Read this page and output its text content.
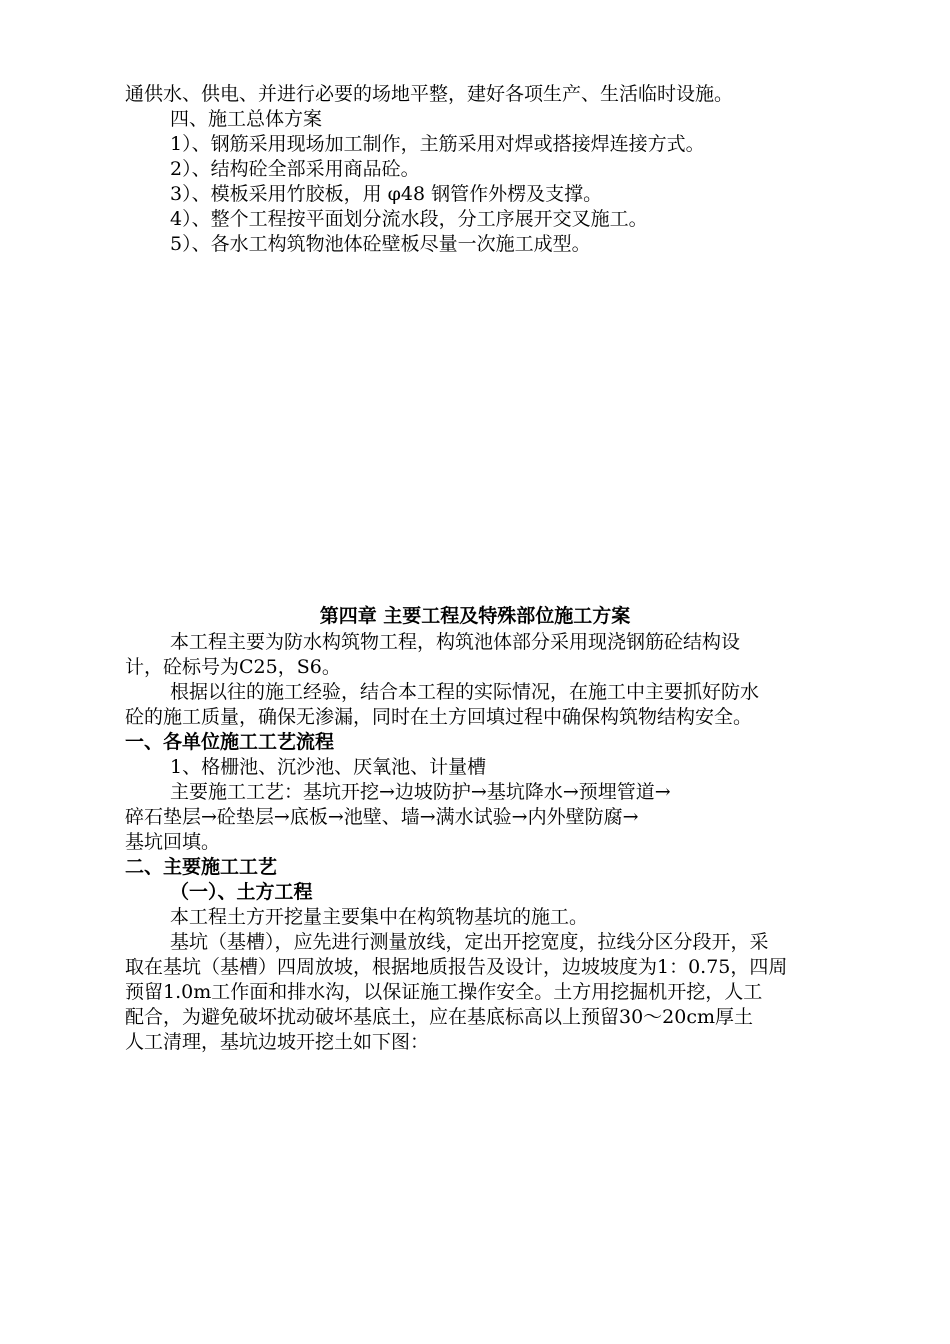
通供水、供电、并进行必要的场地平整，建好各项生产、生活临时设施。
四、施工总体方案
1）、钢筋采用现场加工制作，主筋采用对焊或搭接焊连接方式。
2）、结构砼全部采用商品砼。
3）、模板采用竹胶板，用 φ48 钢管作外楞及支撑。
4）、整个工程按平面划分流水段，分工序展开交叉施工。
5）、各水工构筑物池体砼壁板尽量一次施工成型。
第四章 主要工程及特殊部位施工方案
本工程主要为防水构筑物工程，构筑池体部分采用现浇钢筋砼结构设
计，砼标号为C25，S6。
根据以往的施工经验，结合本工程的实际情况，在施工中主要抓好防水
砼的施工质量，确保无渗漏，同时在土方回填过程中确保构筑物结构安全。
一、各单位施工工艺流程
1、格栅池、沉沙池、厌氧池、计量槽
主要施工工艺：基坑开挖→边坡防护→基坑降水→预埋管道→
碎石垫层→砼垫层→底板→池壁、墙→满水试验→内外壁防腐→
基坑回填。
二、主要施工工艺
（一）、土方工程
本工程土方开挖量主要集中在构筑物基坑的施工。
基坑（基槽），应先进行测量放线，定出开挖宽度，拉线分区分段开，采
取在基坑（基槽）四周放坡，根据地质报告及设计，边坡坡度为1：0.75，四周
预留1.0m工作面和排水沟，以保证施工操作安全。土方用挖掘机开挖，人工
配合，为避免破坏扰动破坏基底土，应在基底标高以上预留30～20cm厚土
人工清理，基坑边坡开挖土如下图：
